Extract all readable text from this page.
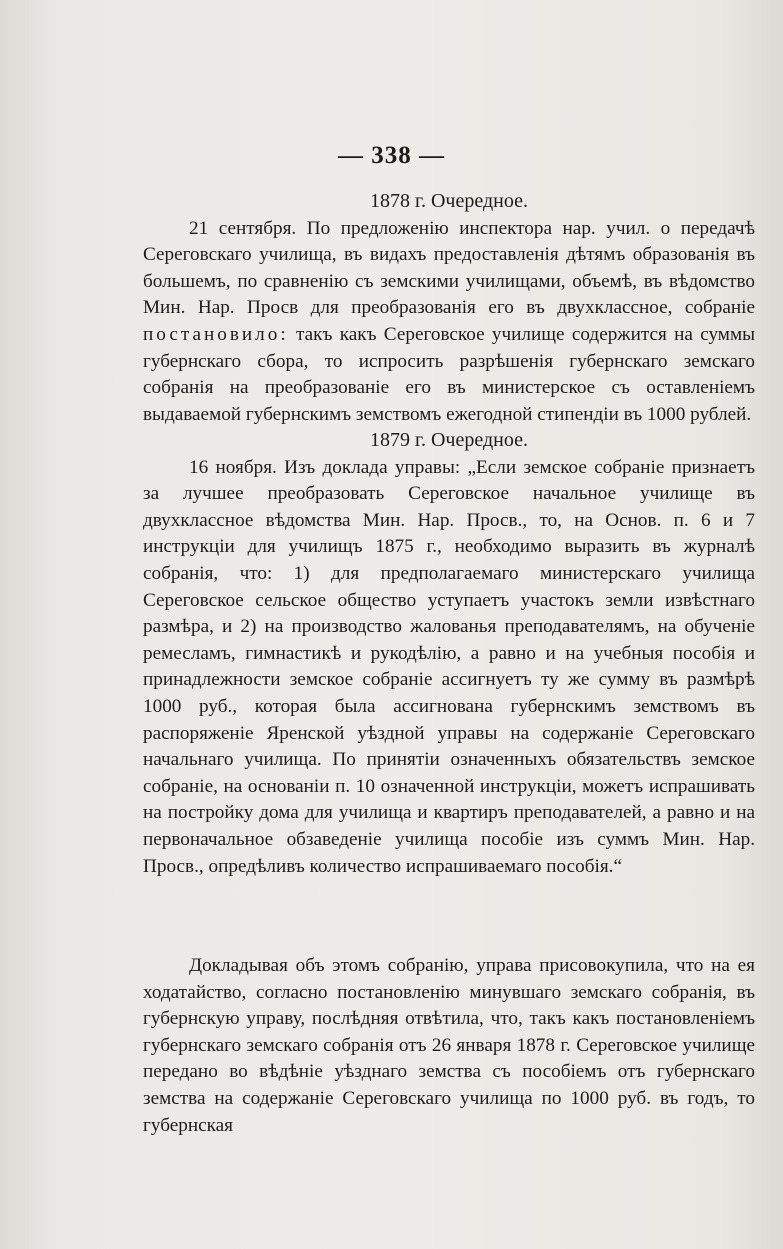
— 338 —
1878 г. Очередное.

21 сентября. По предложенію инспектора нар. учил. о передачѣ Сереговскаго училища, въ видахъ предоставленія дѣтямъ образованія въ большемъ, по сравненію съ земскими училищами, объемѣ, въ вѣдомство Мин. Нар. Просв для преобразованія его въ двухклассное, собраніе постановило: такъ какъ Сереговское училище содержится на суммы губернскаго сбора, то испросить разрѣшенія губернскаго земскаго собранія на преобразованіе его въ министерское съ оставленіемъ выдаваемой губернскимъ земствомъ ежегодной стипендіи въ 1000 рублей.

1879 г. Очередное.

16 ноября. Изъ доклада управы: „Если земское собраніе признаетъ за лучшее преобразовать Сереговское начальное училище въ двухклассное вѣдомства Мин. Нар. Просв., то, на Основ. п. 6 и 7 инструкціи для училищъ 1875 г., необходимо выразить въ журналѣ собранія, что: 1) для предполагаемаго министерскаго училища Сереговское сельское общество уступаетъ участокъ земли извѣстнаго размѣра, и 2) на производство жалованья преподавателямъ, на обученіе ремесламъ, гимнастикѣ и рукодѣлію, а равно и на учебныя пособія и принадлежности земское собраніе ассигнуетъ ту же сумму въ размѣрѣ 1000 руб., которая была ассигнована губернскимъ земствомъ въ распоряженіе Яренской уѣздной управы на содержаніе Сереговскаго начальнаго училища. По принятіи означенныхъ обязательствъ земское собраніе, на основаніи п. 10 означенной инструкціи, можетъ испрашивать на постройку дома для училища и квартиръ преподавателей, а равно и на первоначальное обзаведеніе училища пособіе изъ суммъ Мин. Нар. Просв., опредѣливъ количество испрашиваемаго пособія.“

Докладывая объ этомъ собранію, управа присовокупила, что на ея ходатайство, согласно постановленію минувшаго земскаго собранія, въ губернскую управу, послѣдняя отвѣтила, что, такъ какъ постановленіемъ губернскаго земскаго собранія отъ 26 января 1878 г. Сереговское училище передано во вѣдѣніе уѣзднаго земства съ пособіемъ отъ губернскаго земства на содержаніе Сереговскаго училища по 1000 руб. въ годъ, то губернская
